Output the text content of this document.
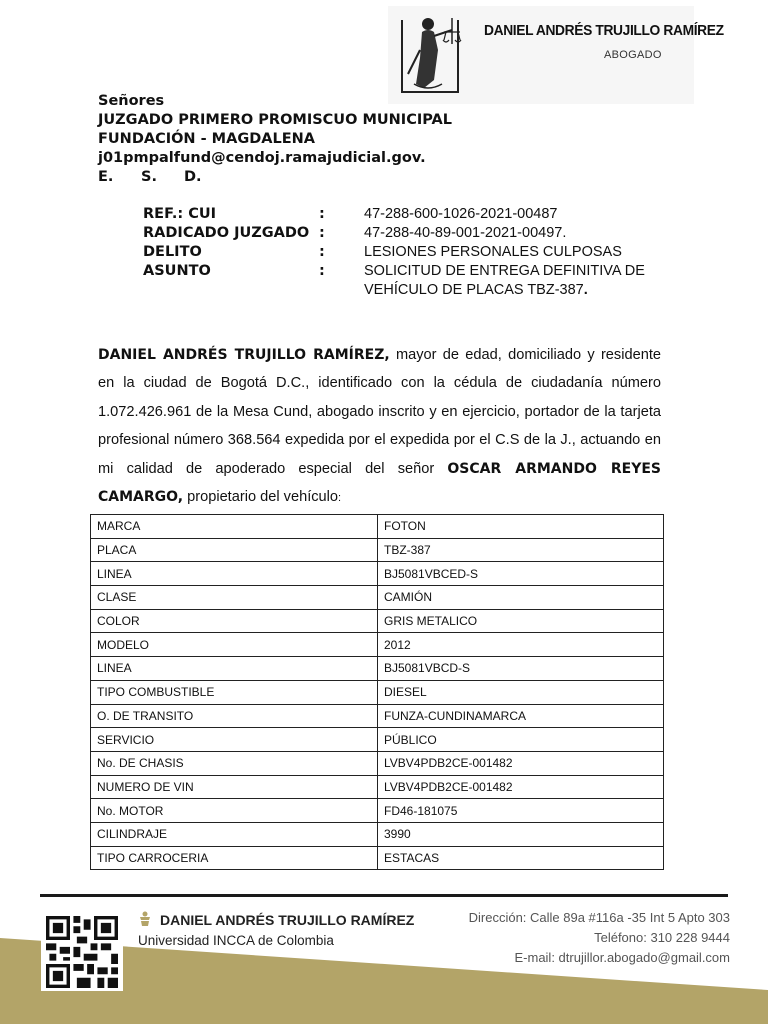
DANIEL ANDRÉS TRUJILLO RAMÍREZ
ABOGADO
Señores
JUZGADO PRIMERO PROMISCUO MUNICIPAL
FUNDACIÓN - MAGDALENA
j01pmpalfund@cendoj.ramajudicial.gov.
E. S. D.
REF.: CUI	:	47-288-600-1026-2021-00487
RADICADO JUZGADO :	47-288-40-89-001-2021-00497.
DELITO	:	LESIONES PERSONALES CULPOSAS
ASUNTO	:	SOLICITUD DE ENTREGA DEFINITIVA DE
VEHÍCULO DE PLACAS TBZ-387.

DANIEL ANDRÉS TRUJILLO RAMÍREZ, mayor de edad, domiciliado y residente en la ciudad de Bogotá D.C., identificado con la cédula de ciudadanía número 1.072.426.961 de la Mesa Cund, abogado inscrito y en ejercicio, portador de la tarjeta profesional número 368.564 expedida por el expedida por el C.S de la J., actuando en mi calidad de apoderado especial del señor OSCAR ARMANDO REYES CAMARGO, propietario del vehículo:

MARCA	FOTON
PLACA	TBZ-387
LINEA	BJ5081VBCED-S
CLASE	CAMIÓN
COLOR	GRIS METALICO
MODELO	2012
LINEA	BJ5081VBCD-S
TIPO COMBUSTIBLE	DIESEL
O. DE TRANSITO	FUNZA-CUNDINAMARCA
SERVICIO	PÚBLICO
No. DE CHASIS	LVBV4PDB2CE-001482
NUMERO DE VIN	LVBV4PDB2CE-001482
No. MOTOR	FD46-181075
CILINDRAJE	3990
TIPO CARROCERIA	ESTACAS
DANIEL ANDRÉS TRUJILLO RAMÍREZ
Universidad INCCA de Colombia
Dirección: Calle 89a #116a -35 Int 5 Apto 303
Teléfono: 310 228 9444
E-mail: dtrujillor.abogado@gmail.com
